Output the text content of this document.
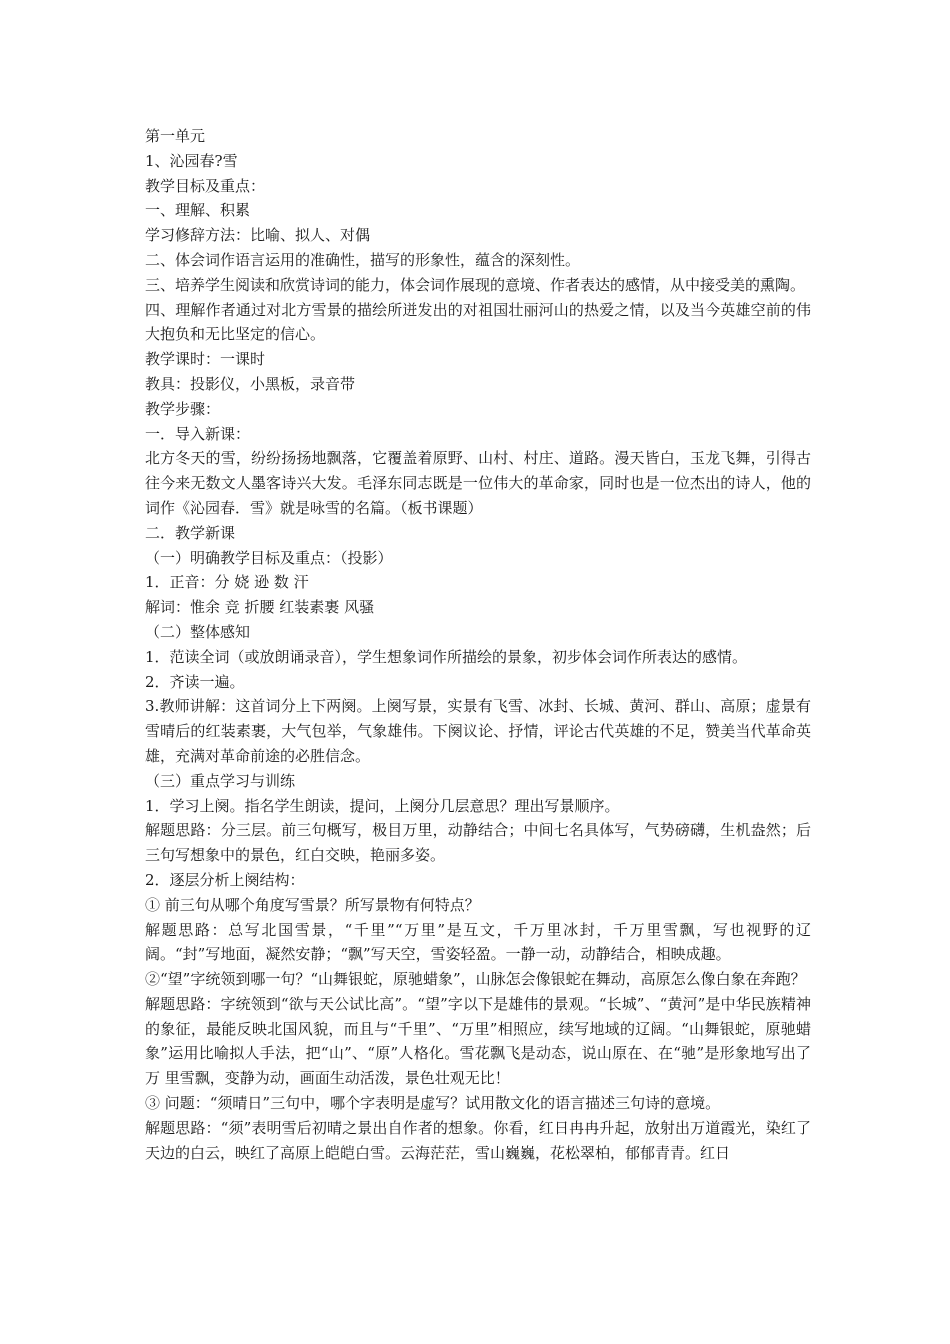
第一单元

1、沁园春?雪

教学目标及重点：

一、理解、积累

学习修辞方法：比喻、拟人、对偶

二、体会词作语言运用的准确性，描写的形象性，蕴含的深刻性。

三、培养学生阅读和欣赏诗词的能力，体会词作展现的意境、作者表达的感情，从中接受美的熏陶。

四、理解作者通过对北方雪景的描绘所迸发出的对祖国壮丽河山的热爱之情，以及当今英雄空前的伟大抱负和无比坚定的信心。

教学课时：一课时

教具：投影仪，小黑板，录音带

教学步骤：

一．导入新课：

北方冬天的雪，纷纷扬扬地飘落，它覆盖着原野、山村、村庄、道路。漫天皆白，玉龙飞舞，引得古往今来无数文人墨客诗兴大发。毛泽东同志既是一位伟大的革命家，同时也是一位杰出的诗人，他的词作《沁园春．雪》就是咏雪的名篇。（板书课题）

二．教学新课

（一）明确教学目标及重点：（投影）

1．正音：分 娆 逊 数 汗

解词：惟余 竞 折腰 红装素裹 风骚

（二）整体感知

1．范读全词（或放朗诵录音），学生想象词作所描绘的景象，初步体会词作所表达的感情。

2．齐读一遍。

3.教师讲解：这首词分上下两阕。上阕写景，实景有飞雪、冰封、长城、黄河、群山、高原；虚景有雪晴后的红装素裹，大气包举，气象雄伟。下阕议论、抒情，评论古代英雄的不足，赞美当代革命英雄，充满对革命前途的必胜信念。

（三）重点学习与训练

1．学习上阕。指名学生朗读，提问，上阕分几层意思？理出写景顺序。

解题思路：分三层。前三句概写，极目万里，动静结合；中间七名具体写，气势磅礴，生机盎然；后三句写想象中的景色，红白交映，艳丽多姿。

2．逐层分析上阕结构：

① 前三句从哪个角度写雪景？所写景物有何特点？

解题思路：总写北国雪景，“千里”“万里”是互文，千万里冰封，千万里雪飘，写也视野的辽阔。“封”写地面，凝然安静；“飘”写天空，雪姿轻盈。一静一动，动静结合，相映成趣。

②“望”字统领到哪一句？“山舞银蛇，原驰蜡象”，山脉怎会像银蛇在舞动，高原怎么像白象在奔跑？

解题思路：字统领到“欲与天公试比高”。“望”字以下是雄伟的景观。“长城”、“黄河”是中华民族精神的象征，最能反映北国风貌，而且与“千里”、“万里”相照应，续写地域的辽阔。“山舞银蛇，原驰蜡象”运用比喻拟人手法，把“山”、“原”人格化。雪花飘飞是动态，说山原在、在“驰”是形象地写出了万 里雪飘，变静为动，画面生动活泼，景色壮观无比！

③ 问题：“须晴日”三句中，哪个字表明是虚写？试用散文化的语言描述三句诗的意境。

解题思路：“须”表明雪后初晴之景出自作者的想象。你看，红日冉冉升起，放射出万道霞光，染红了天边的白云，映红了高原上皑皑白雪。云海茫茫，雪山巍巍，花松翠柏，郁郁青青。红日
